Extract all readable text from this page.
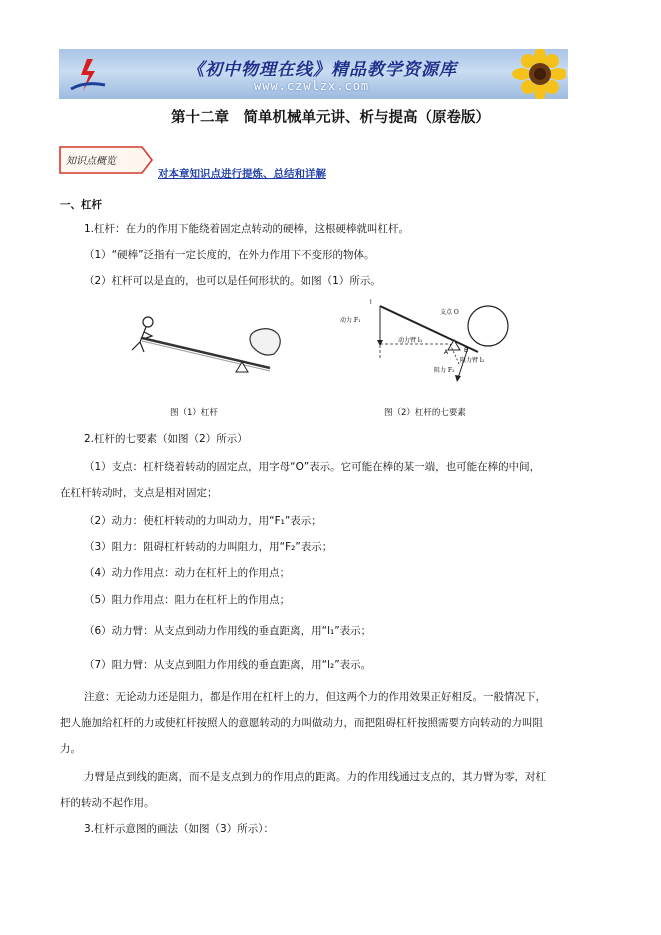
《初中物理在线》精品教学资源库
www.czwlzx.com
第十二章　简单机械单元讲、析与提高（原卷版）
知识点概览
对本章知识点进行提炼、总结和详解
一、杠杆
1.杠杆：在力的作用下能绕着固定点转动的硬棒，这根硬棒就叫杠杆。
（1）“硬棒”泛指有一定长度的，在外力作用下不变形的物体。
（2）杠杆可以是直的，也可以是任何形状的。如图（1）所示。
图（1）杠杆
l
支点 O
动力 F₁
动力臂 l₁
阻力臂 l₂
阻力 F₂
B
A
图（2）杠杆的七要素
2.杠杆的七要素（如图（2）所示）
（1）支点：杠杆绕着转动的固定点，用字母“O”表示。它可能在棒的某一端，也可能在棒的中间，
在杠杆转动时，支点是相对固定；
（2）动力：使杠杆转动的力叫动力，用“F₁”表示；
（3）阻力：阻碍杠杆转动的力叫阻力，用“F₂”表示；
（4）动力作用点：动力在杠杆上的作用点；
（5）阻力作用点：阻力在杠杆上的作用点；
（6）动力臂：从支点到动力作用线的垂直距离，用“l₁”表示；
（7）阻力臂：从支点到阻力作用线的垂直距离，用“l₂”表示。
注意：无论动力还是阻力，都是作用在杠杆上的力，但这两个力的作用效果正好相反。一般情况下，
把人施加给杠杆的力或使杠杆按照人的意愿转动的力叫做动力，而把阻碍杠杆按照需要方向转动的力叫阻
力。
力臂是点到线的距离，而不是支点到力的作用点的距离。力的作用线通过支点的，其力臂为零，对杠
杆的转动不起作用。
3.杠杆示意图的画法（如图（3）所示）：
